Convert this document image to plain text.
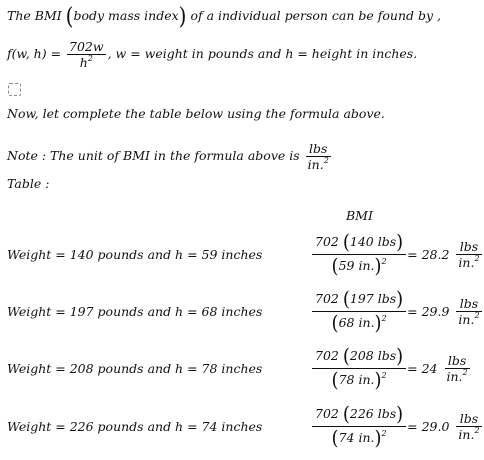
The BMI (body mass index) of a individual person can be found by ,
f(w, $h) = \frac{702w}{h^2}$ , w = weight in pounds and h = height in inches.
Now, let complete the table below using the formula above.
Note : The unit of BMI in the formula above is $\frac{\text{lbs}}{in.^2}$
Table :
BMI
Weight = 140 pounds and h = 59 inches	$\frac{\text{702 (140 lbs)}}{(59 in.)^2} = 28.2 \frac{\text{lbs}}{in.^2}$
Weight = 197 pounds and h = 68 inches	$\frac{\text{702 (197 lbs)}}{(68 in.)^2} = 29.9 \frac{\text{lbs}}{in.^2}$
Weight = 208 pounds and h = 78 inches	$\frac{\text{702 (208 lbs)}}{(78 in.)^2} = 24 \frac{\text{lbs}}{in.^2}$
Weight = 226 pounds and h = 74 inches	$\frac{\text{702 (226 lbs)}}{(74 in.)^2} = 29.0 \frac{\text{lbs}}{in.^2}$
